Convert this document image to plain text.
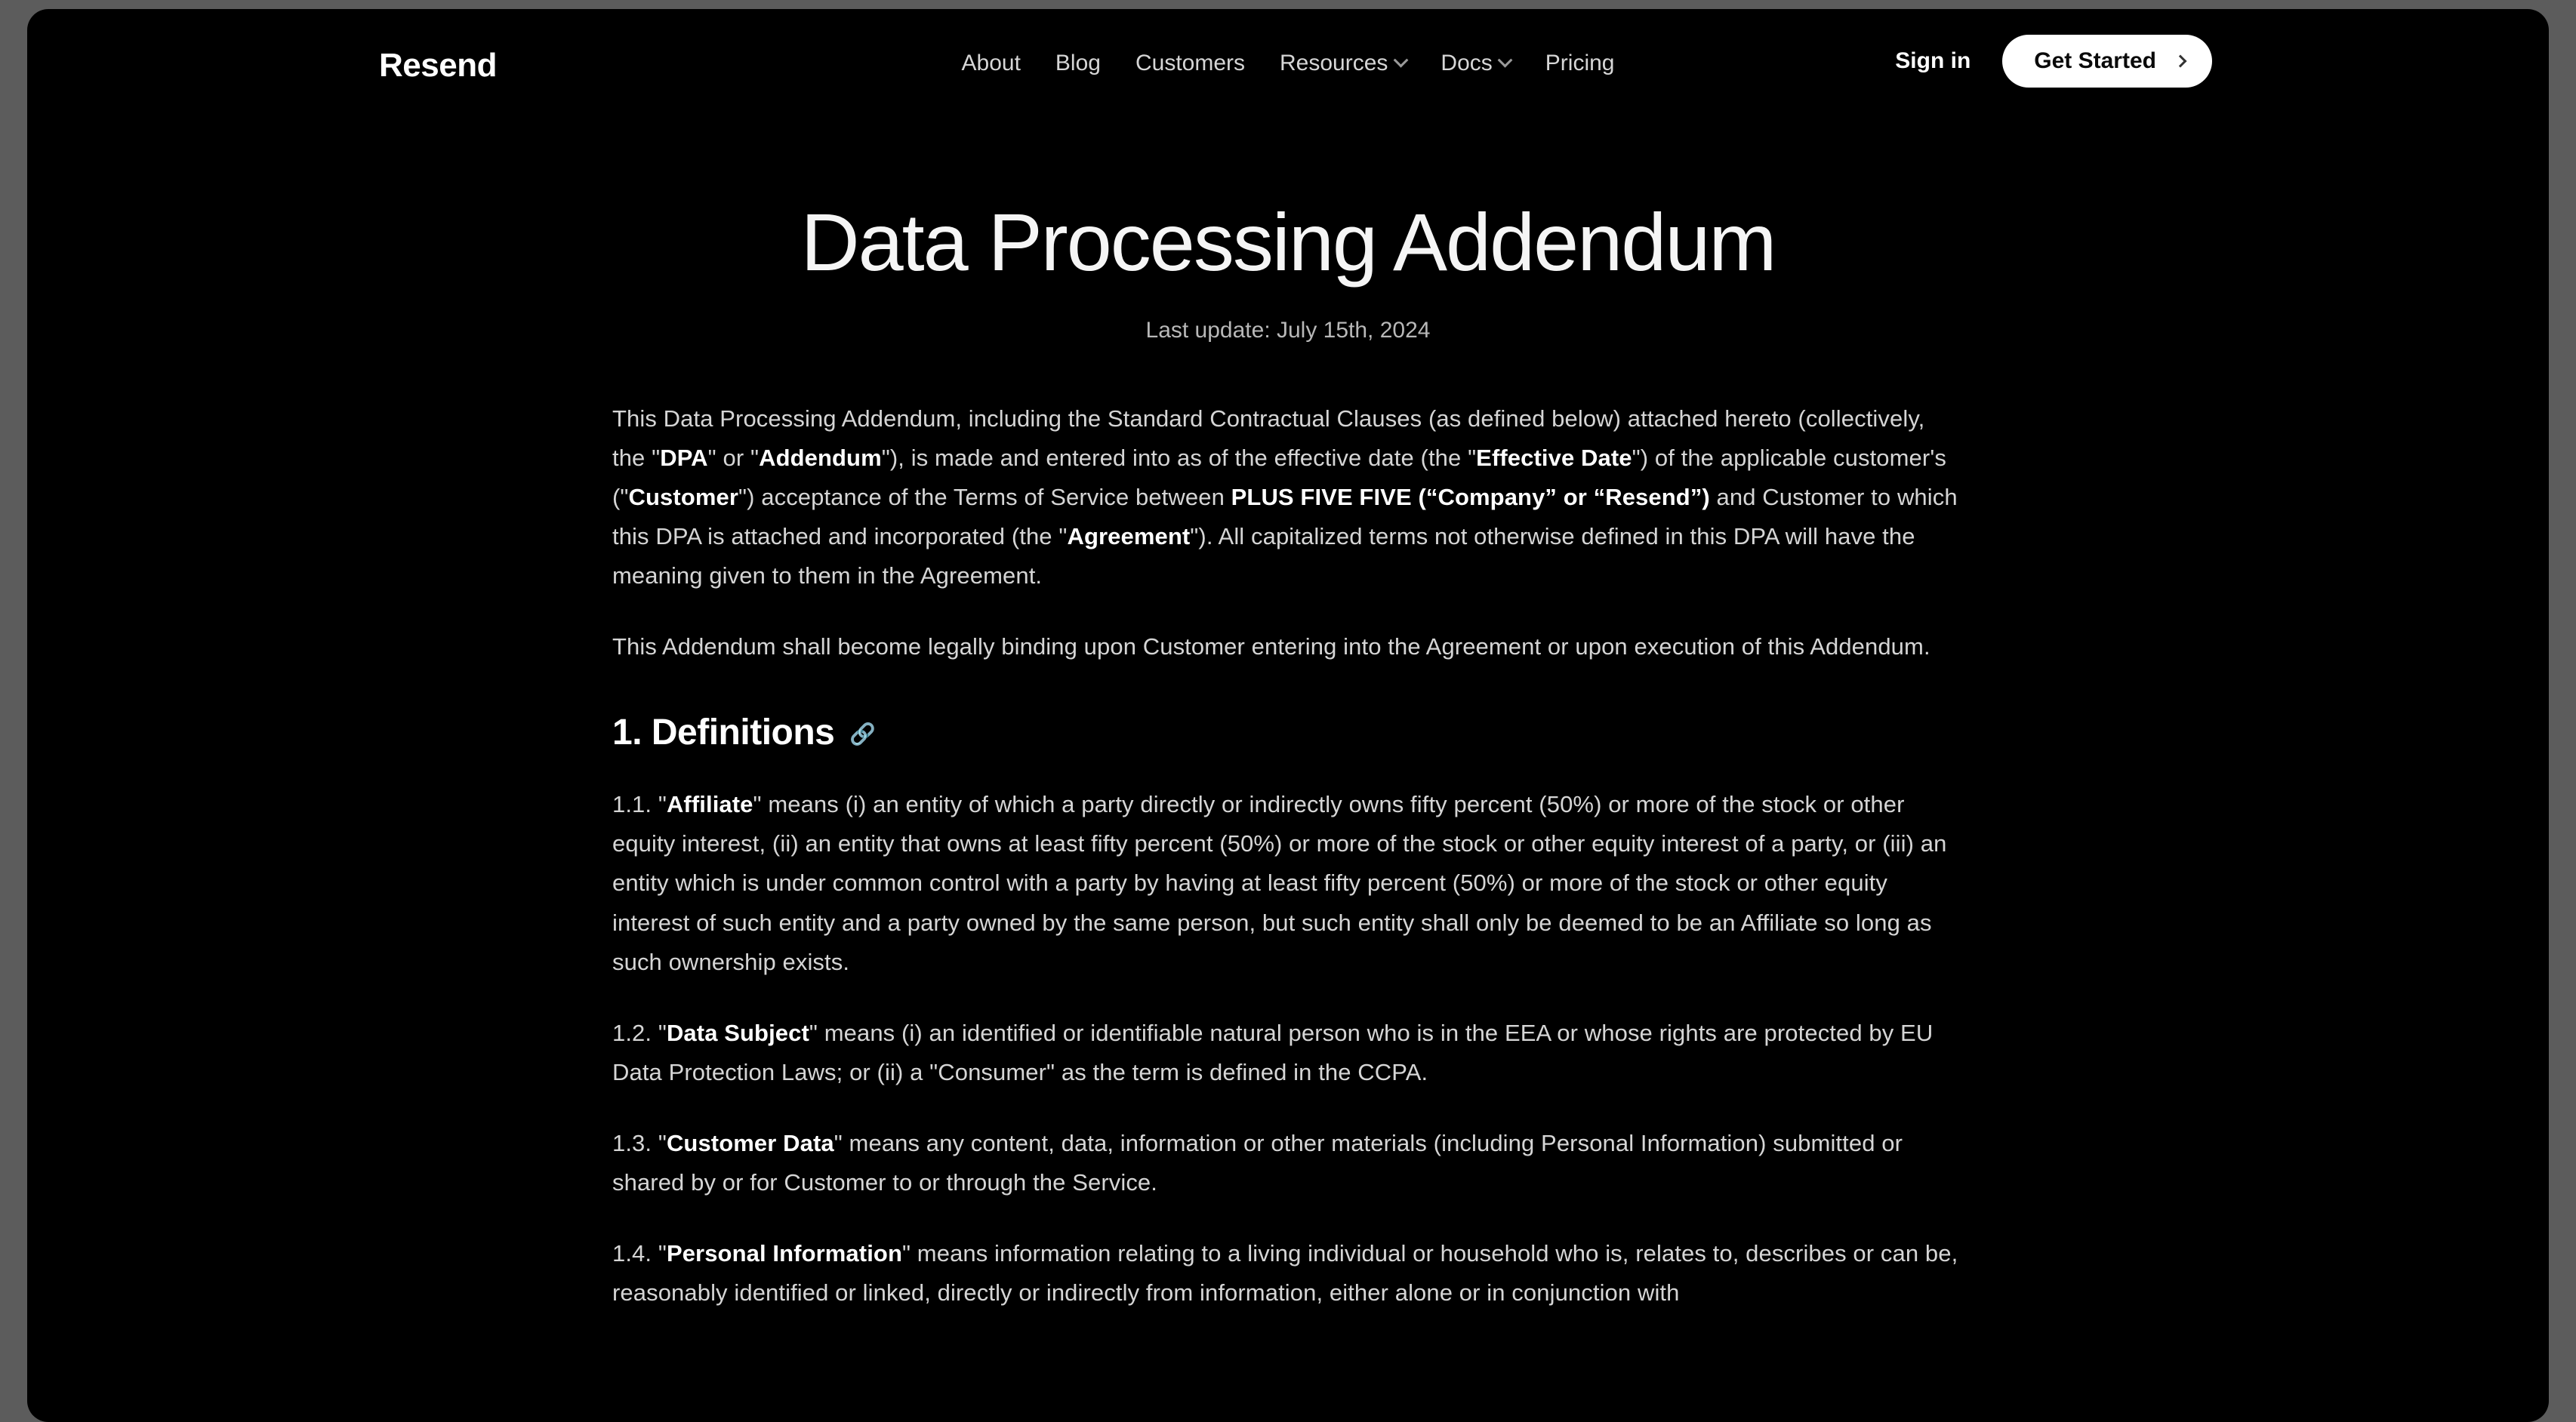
Resend	About Blog Customers Resources Docs Pricing	Sign in	Get Started
Data Processing Addendum
Last update: July 15th, 2024

This Data Processing Addendum, including the Standard Contractual Clauses (as defined below) attached hereto (collectively, the "DPA" or "Addendum"), is made and entered into as of the effective date (the "Effective Date") of the applicable customer's ("Customer") acceptance of the Terms of Service between PLUS FIVE FIVE (“Company” or “Resend”) and Customer to which this DPA is attached and incorporated (the "Agreement"). All capitalized terms not otherwise defined in this DPA will have the meaning given to them in the Agreement.

This Addendum shall become legally binding upon Customer entering into the Agreement or upon execution of this Addendum.

1. Definitions 🔗

1.1. "Affiliate" means (i) an entity of which a party directly or indirectly owns fifty percent (50%) or more of the stock or other equity interest, (ii) an entity that owns at least fifty percent (50%) or more of the stock or other equity interest of a party, or (iii) an entity which is under common control with a party by having at least fifty percent (50%) or more of the stock or other equity interest of such entity and a party owned by the same person, but such entity shall only be deemed to be an Affiliate so long as such ownership exists.

1.2. "Data Subject" means (i) an identified or identifiable natural person who is in the EEA or whose rights are protected by EU Data Protection Laws; or (ii) a "Consumer" as the term is defined in the CCPA.

1.3. "Customer Data" means any content, data, information or other materials (including Personal Information) submitted or shared by or for Customer to or through the Service.

1.4. "Personal Information" means information relating to a living individual or household who is, relates to, describes or can be, reasonably identified or linked, directly or indirectly from information, either alone or in conjunction with
